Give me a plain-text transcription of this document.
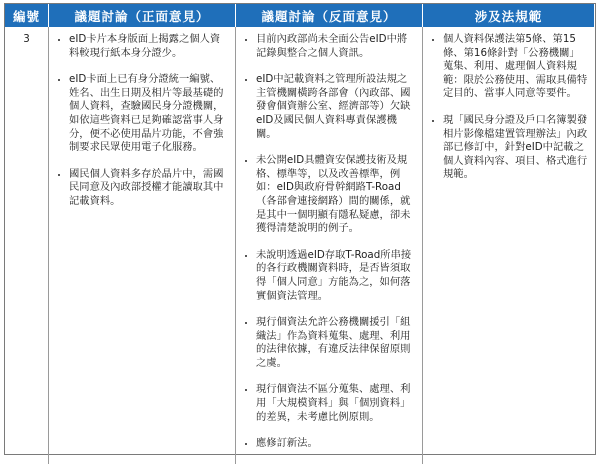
編號	議題討論（正面意見）	議題討論（反面意見）	涉及法規範
3
•	eID卡片本身版面上揭露之個人資料較現行紙本身分證少。
• eID卡面上已有身分證統一編號、姓名、出生日期及相片等最基礎的個人資料，查驗國民身分證機關，如依這些資料已足夠確認當事人身分，便不必使用晶片功能，不會強制要求民眾使用電子化服務。
• 國民個人資料多存於晶片中，需國民同意及內政部授權才能讀取其中記載資料。
• 目前內政部尚未全面公告eID中將記錄與整合之個人資訊。
• eID中記載資料之管理所設法規之主管機關橫跨各部會（內政部、國發會個資辦公室、經濟部等）欠缺eID及國民個人資料專責保護機關。
• 未公開eID具體資安保護技術及規格、標準等，以及改善標準，例如：eID與政府骨幹網路T-Road（各部會連接網路）間的關係，就是其中一個明顯有隱私疑慮，卻未獲得清楚說明的例子。
• 未說明透過eID存取T-Road所串接的各行政機關資料時，是否皆須取得「個人同意」方能為之，如何落實個資法管理。
• 現行個資法允許公務機關援引「組織法」作為資料蒐集、處理、利用的法律依據，有違反法律保留原則之虞。
• 現行個資法不區分蒐集、處理、利用「大規模資料」與「個別資料」的差異，未考慮比例原則。
• 應修訂新法。
• 個人資料保護法第5條、第15條、第16條針對「公務機關」蒐集、利用、處理個人資料規範：限於公務使用、需取具備特定目的、當事人同意等要件。
• 現「國民身分證及戶口名簿製發相片影像檔建置管理辦法」內政部已修訂中，針對eID中記載之個人資料內容、項目、格式進行規範。
